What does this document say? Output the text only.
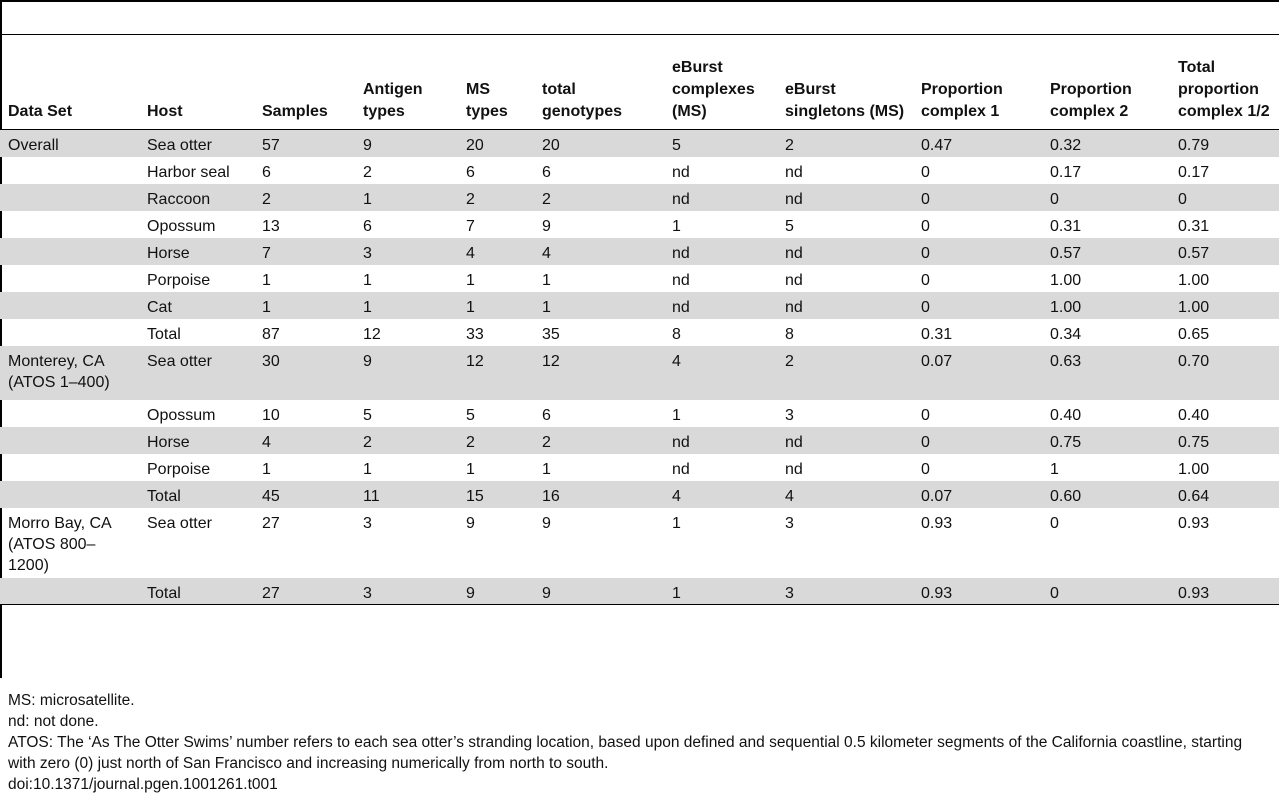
Data Set	Host	Samples	Antigen types	MS types	total genotypes	eBurst complexes (MS)	eBurst singletons (MS)	Proportion complex 1	Proportion complex 2	Total proportion complex 1/2
Overall	Sea otter	57	9	20	20	5	2	0.47	0.32	0.79
	Harbor seal	6	2	6	6	nd	nd	0	0.17	0.17
	Raccoon	2	1	2	2	nd	nd	0	0	0
	Opossum	13	6	7	9	1	5	0	0.31	0.31
	Horse	7	3	4	4	nd	nd	0	0.57	0.57
	Porpoise	1	1	1	1	nd	nd	0	1.00	1.00
	Cat	1	1	1	1	nd	nd	0	1.00	1.00
	Total	87	12	33	35	8	8	0.31	0.34	0.65
Monterey, CA (ATOS 1–400)	Sea otter	30	9	12	12	4	2	0.07	0.63	0.70
	Opossum	10	5	5	6	1	3	0	0.40	0.40
	Horse	4	2	2	2	nd	nd	0	0.75	0.75
	Porpoise	1	1	1	1	nd	nd	0	1	1.00
	Total	45	11	15	16	4	4	0.07	0.60	0.64
Morro Bay, CA (ATOS 800–1200)	Sea otter	27	3	9	9	1	3	0.93	0	0.93
	Total	27	3	9	9	1	3	0.93	0	0.93

MS: microsatellite.

nd: not done.

ATOS: The ‘As The Otter Swims’ number refers to each sea otter’s stranding location, based upon defined and sequential 0.5 kilometer segments of the California coastline, starting with zero (0) just north of San Francisco and increasing numerically from north to south.

doi:10.1371/journal.pgen.1001261.t001
